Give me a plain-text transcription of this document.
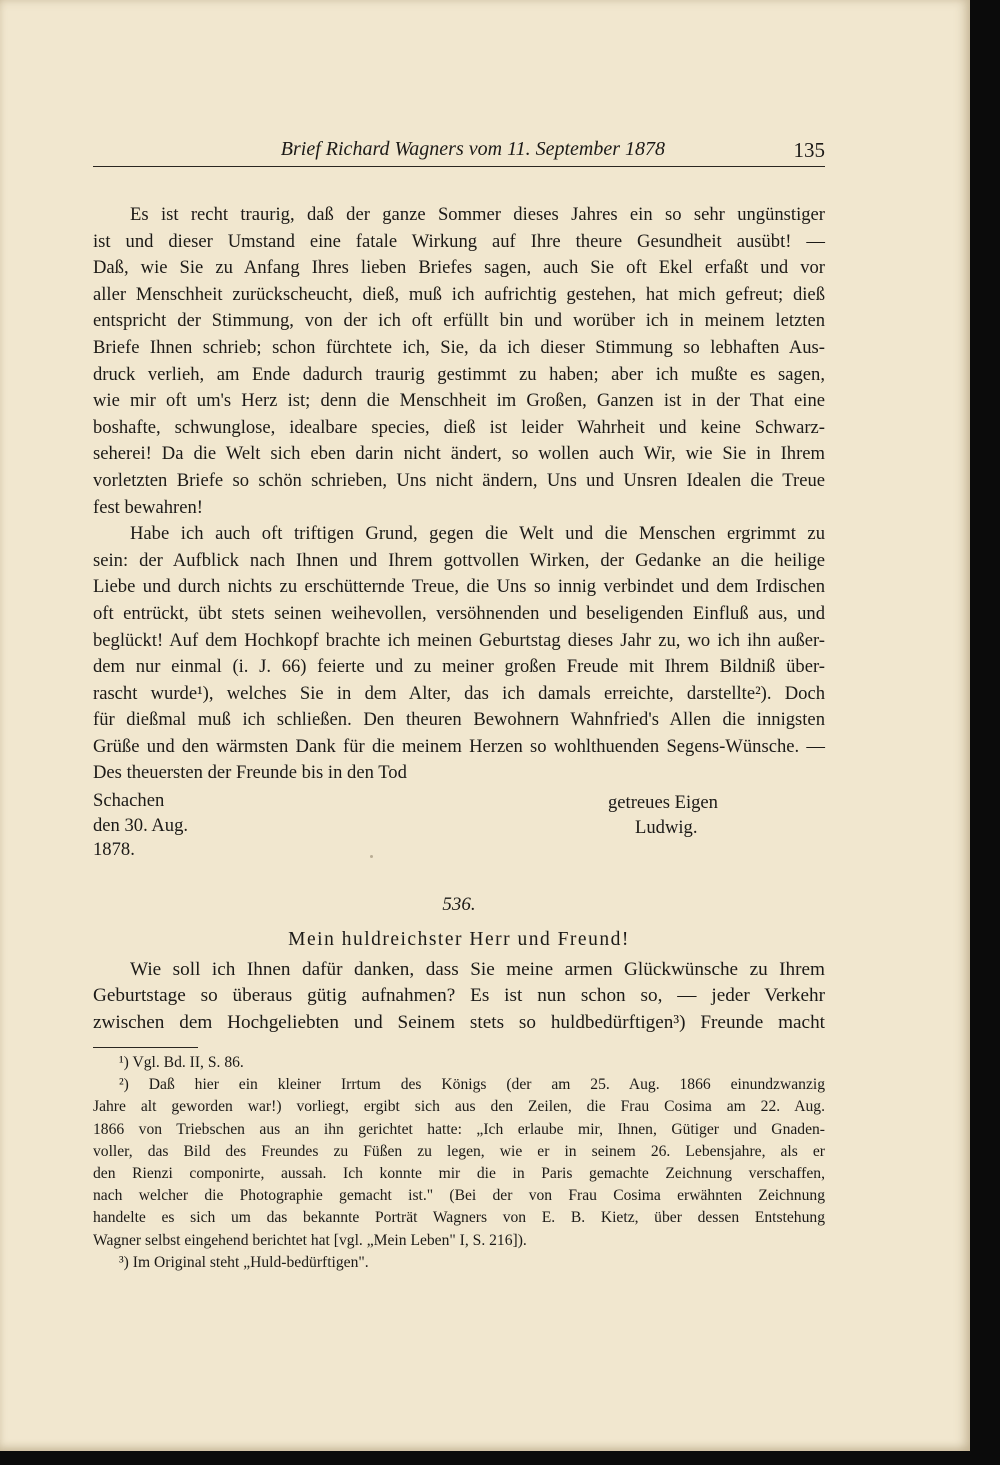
Brief Richard Wagners vom 11. September 1878	135
Es ist recht traurig, daß der ganze Sommer dieses Jahres ein so sehr ungünstiger
ist und dieser Umstand eine fatale Wirkung auf Ihre theure Gesundheit ausübt! —
Daß, wie Sie zu Anfang Ihres lieben Briefes sagen, auch Sie oft Ekel erfaßt und vor
aller Menschheit zurückscheucht, dieß, muß ich aufrichtig gestehen, hat mich gefreut; dieß
entspricht der Stimmung, von der ich oft erfüllt bin und worüber ich in meinem letzten
Briefe Ihnen schrieb; schon fürchtete ich, Sie, da ich dieser Stimmung so lebhaften Aus-
druck verlieh, am Ende dadurch traurig gestimmt zu haben; aber ich mußte es sagen,
wie mir oft um's Herz ist; denn die Menschheit im Großen, Ganzen ist in der That eine
boshafte, schwunglose, idealbare species, dieß ist leider Wahrheit und keine Schwarz-
seherei! Da die Welt sich eben darin nicht ändert, so wollen auch Wir, wie Sie in Ihrem
vorletzten Briefe so schön schrieben, Uns nicht ändern, Uns und Unsren Idealen die Treue
fest bewahren!
Habe ich auch oft triftigen Grund, gegen die Welt und die Menschen ergrimmt zu
sein: der Aufblick nach Ihnen und Ihrem gottvollen Wirken, der Gedanke an die heilige
Liebe und durch nichts zu erschütternde Treue, die Uns so innig verbindet und dem Irdischen
oft entrückt, übt stets seinen weihevollen, versöhnenden und beseligenden Einfluß aus, und
beglückt! Auf dem Hochkopf brachte ich meinen Geburtstag dieses Jahr zu, wo ich ihn außer-
dem nur einmal (i. J. 66) feierte und zu meiner großen Freude mit Ihrem Bildniß über-
rascht wurde¹), welches Sie in dem Alter, das ich damals erreichte, darstellte²). Doch
für dießmal muß ich schließen. Den theuren Bewohnern Wahnfried's Allen die innigsten
Grüße und den wärmsten Dank für die meinem Herzen so wohlthuenden Segens-Wünsche. —
Des theuersten der Freunde bis in den Tod
Schachen
den 30. Aug.
1878.
getreues Eigen
Ludwig.
536.
Mein huldreichster Herr und Freund!
Wie soll ich Ihnen dafür danken, dass Sie meine armen Glückwünsche zu Ihrem
Geburtstage so überaus gütig aufnahmen? Es ist nun schon so, — jeder Verkehr
zwischen dem Hochgeliebten und Seinem stets so huldbedürftigen³) Freunde macht
¹) Vgl. Bd. II, S. 86.
²) Daß hier ein kleiner Irrtum des Königs (der am 25. Aug. 1866 einundzwanzig
Jahre alt geworden war!) vorliegt, ergibt sich aus den Zeilen, die Frau Cosima am 22. Aug.
1866 von Triebschen aus an ihn gerichtet hatte: „Ich erlaube mir, Ihnen, Gütiger und Gnaden-
voller, das Bild des Freundes zu Füßen zu legen, wie er in seinem 26. Lebensjahre, als er
den Rienzi componirte, aussah. Ich konnte mir die in Paris gemachte Zeichnung verschaffen,
nach welcher die Photographie gemacht ist." (Bei der von Frau Cosima erwähnten Zeichnung
handelte es sich um das bekannte Porträt Wagners von E. B. Kietz, über dessen Entstehung
Wagner selbst eingehend berichtet hat [vgl. „Mein Leben" I, S. 216]).
³) Im Original steht „Huld-bedürftigen".
